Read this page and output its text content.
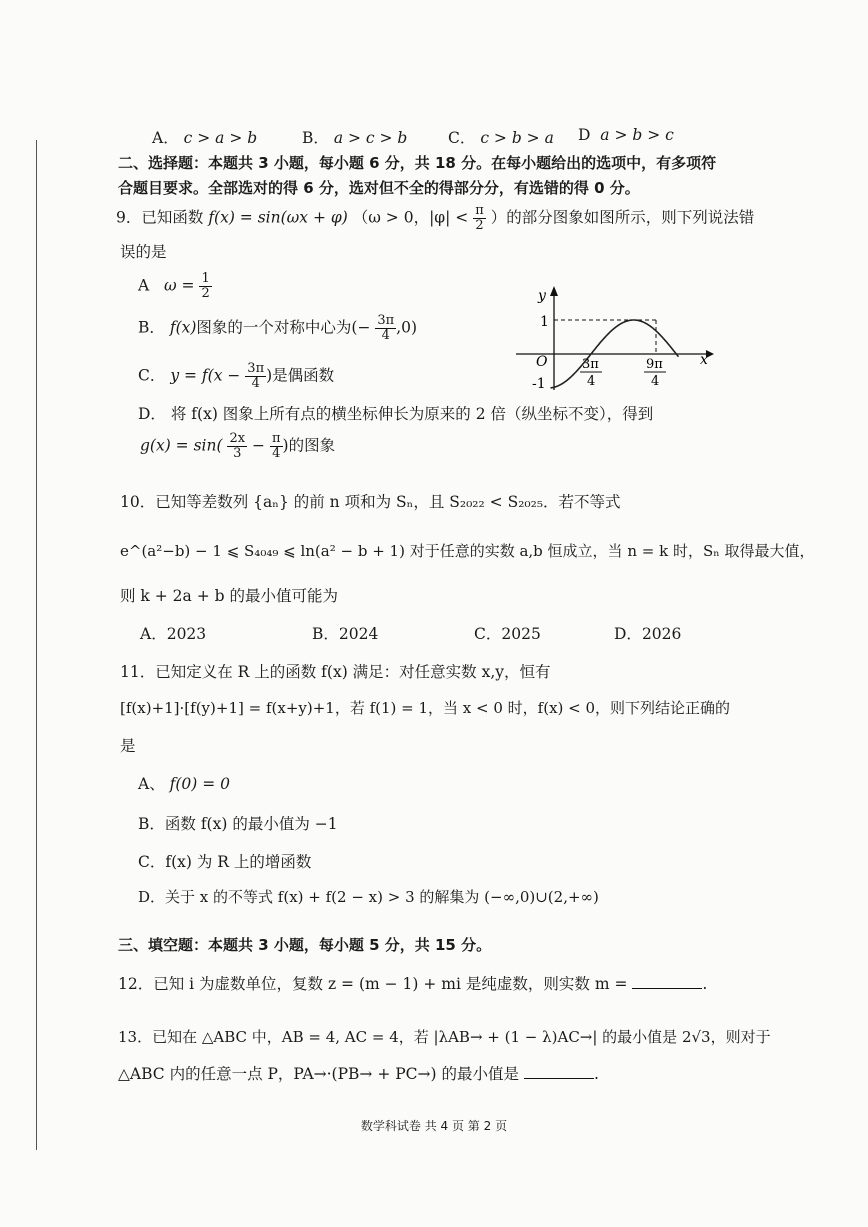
A． c > a > b	B． a > c > b	C． c > b > a D a > b > c
二、选择题：本题共 3 小题，每小题 6 分，共 18 分。在每小题给出的选项中，有多项符
合题目要求。全部选对的得 6 分，选对但不全的得部分分，有选错的得 0 分。
9．已知函数 f(x) = sin(ωx + φ) （ω > 0，$|\varphi| < \frac{\pi}{2}$ ）的部分图象如图所示，则下列说法错
误的是
A $\omega = \frac{1}{2}$
B． f(x)图象的一个对称中心为(− $\frac{3\pi}{4} ,0$)
C． $y = f(x - \frac{3\pi}{4}$ )是偶函数
D． 将 f(x) 图象上所有点的横坐标伸长为原来的 2 倍（纵坐标不变），得到
$g(x) = \sin( \frac{2x}{3} - \frac{\pi}{4}$ )的图象
y
x
O
1
-1
3π
4
9π
4
10．已知等差数列 {aₙ} 的前 n 项和为 Sₙ，且 S₂₀₂₂ < S₂₀₂₅．若不等式
e^(a²−b) − 1 ⩽ S₄₀₄₉ ⩽ ln(a² − b + 1) 对于任意的实数 a,b 恒成立，当 n = k 时，Sₙ 取得最大值，
则 k + 2a + b 的最小值可能为
A．2023	B．2024	C．2025	D．2026
11．已知定义在 R 上的函数 f(x) 满足：对任意实数 x,y，恒有
[f(x)+1]·[f(y)+1] = f(x+y)+1，若 f(1) = 1，当 x < 0 时，f(x) < 0，则下列结论正确的
是
A、 f(0) = 0
B．函数 f(x) 的最小值为 −1
C．f(x) 为 R 上的增函数
D．关于 x 的不等式 f(x) + f(2 − x) > 3 的解集为 (−∞,0)∪(2,+∞)
三、填空题：本题共 3 小题，每小题 5 分，共 15 分。
12．已知 i 为虚数单位，复数 z = (m − 1) + mi 是纯虚数，则实数 m =	.
13．已知在 △ABC 中，AB = 4, AC = 4，若 |λAB→ + (1 − λ)AC→| 的最小值是 2√3，则对于
△ABC 内的任意一点 P，PA→·(PB→ + PC→) 的最小值是	.
数学科试卷 共 4 页 第 2 页
